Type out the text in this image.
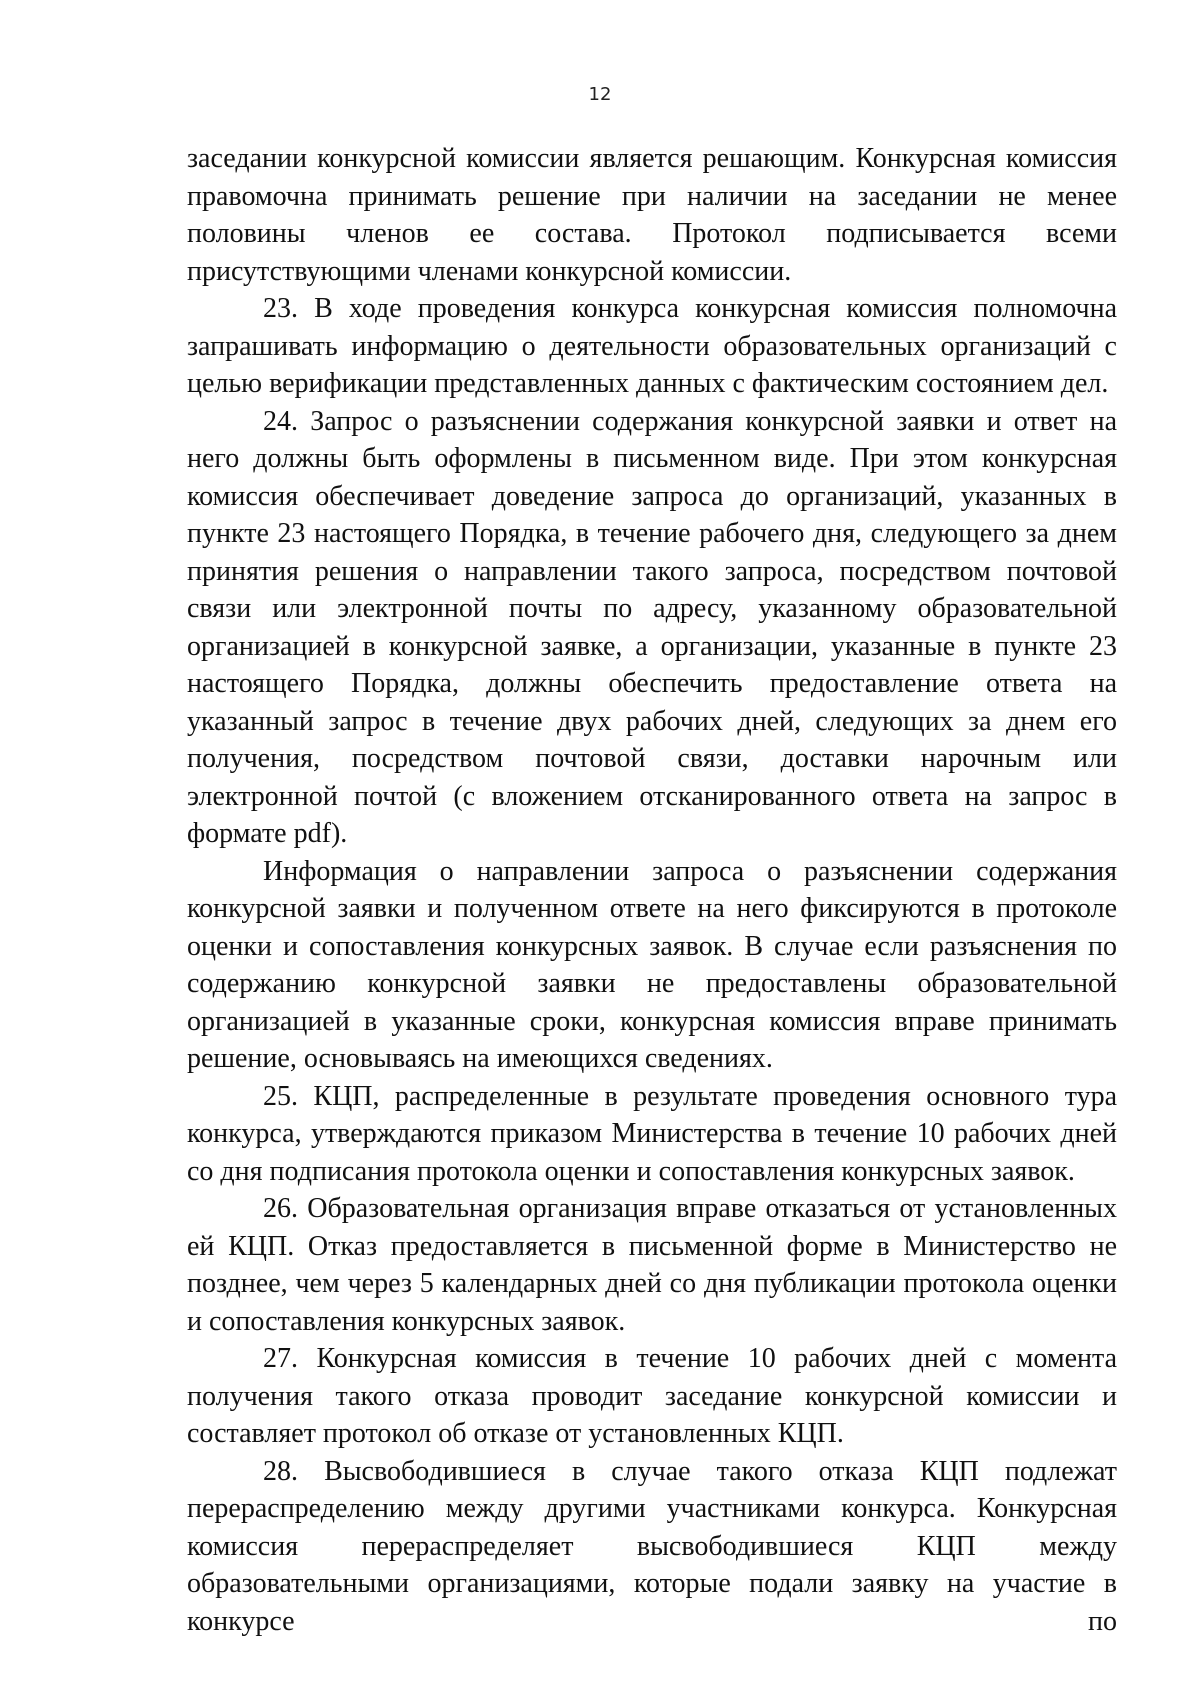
12

заседании конкурсной комиссии является решающим. Конкурсная комиссия правомочна принимать решение при наличии на заседании не менее половины членов ее состава. Протокол подписывается всеми присутствующими членами конкурсной комиссии.

23. В ходе проведения конкурса конкурсная комиссия полномочна запрашивать информацию о деятельности образовательных организаций с целью верификации представленных данных с фактическим состоянием дел.

24. Запрос о разъяснении содержания конкурсной заявки и ответ на него должны быть оформлены в письменном виде. При этом конкурсная комиссия обеспечивает доведение запроса до организаций, указанных в пункте 23 настоящего Порядка, в течение рабочего дня, следующего за днем принятия решения о направлении такого запроса, посредством почтовой связи или электронной почты по адресу, указанному образовательной организацией в конкурсной заявке, а организации, указанные в пункте 23 настоящего Порядка, должны обеспечить предоставление ответа на указанный запрос в течение двух рабочих дней, следующих за днем его получения, посредством почтовой связи, доставки нарочным или электронной почтой (с вложением отсканированного ответа на запрос в формате pdf).

Информация о направлении запроса о разъяснении содержания конкурсной заявки и полученном ответе на него фиксируются в протоколе оценки и сопоставления конкурсных заявок. В случае если разъяснения по содержанию конкурсной заявки не предоставлены образовательной организацией в указанные сроки, конкурсная комиссия вправе принимать решение, основываясь на имеющихся сведениях.

25. КЦП, распределенные в результате проведения основного тура конкурса, утверждаются приказом Министерства в течение 10 рабочих дней со дня подписания протокола оценки и сопоставления конкурсных заявок.

26. Образовательная организация вправе отказаться от установленных ей КЦП. Отказ предоставляется в письменной форме в Министерство не позднее, чем через 5 календарных дней со дня публикации протокола оценки и сопоставления конкурсных заявок.

27. Конкурсная комиссия в течение 10 рабочих дней с момента получения такого отказа проводит заседание конкурсной комиссии и составляет протокол об отказе от установленных КЦП.

28. Высвободившиеся в случае такого отказа КЦП подлежат перераспределению между другими участниками конкурса. Конкурсная комиссия перераспределяет высвободившиеся КЦП между образовательными организациями, которые подали заявку на участие в конкурсе по
